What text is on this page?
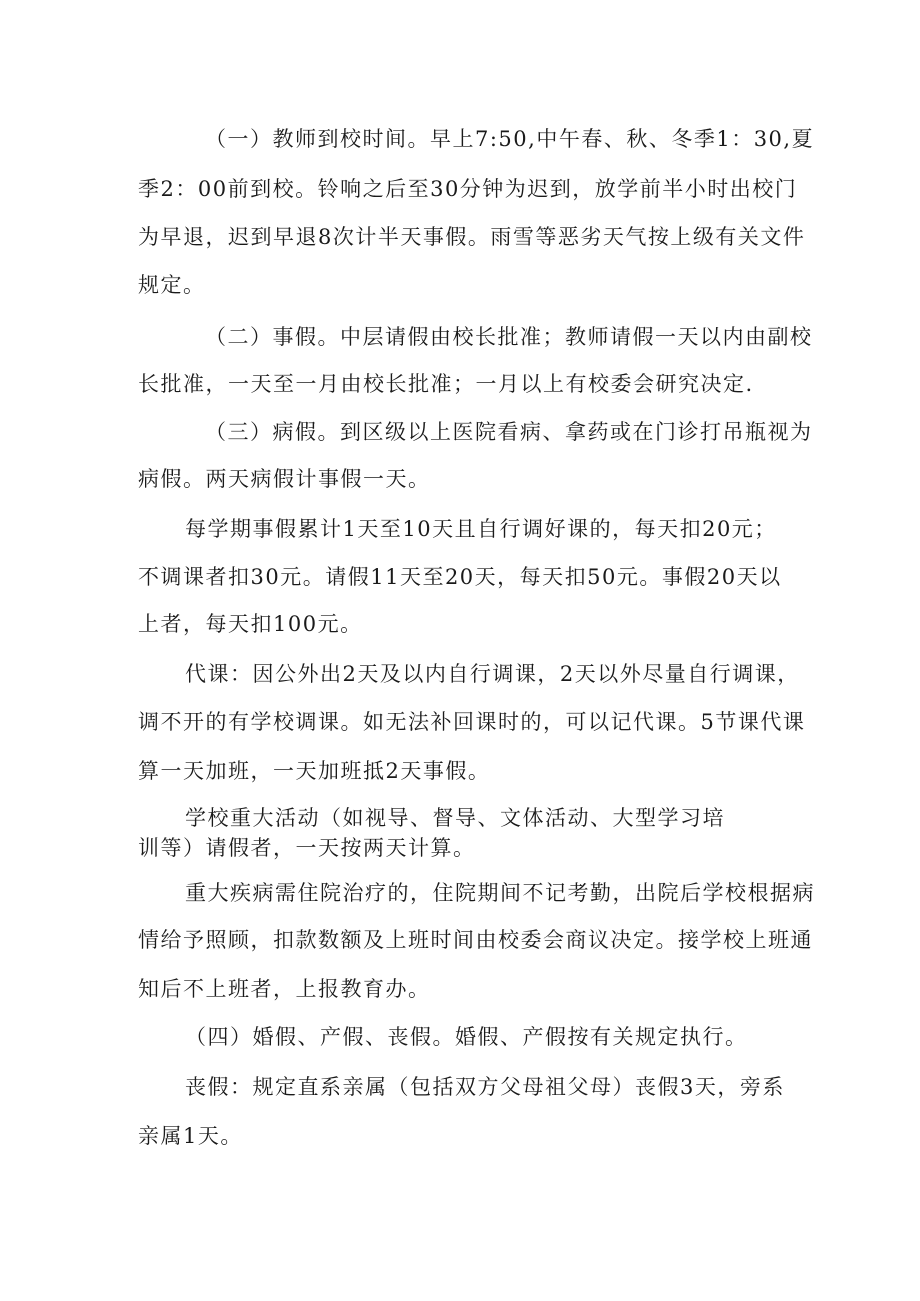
（一）教师到校时间。早上7:50,中午春、秋、冬季1：30,夏
季2：00前到校。铃响之后至30分钟为迟到，放学前半小时出校门
为早退，迟到早退8次计半天事假。雨雪等恶劣天气按上级有关文件
规定。
（二）事假。中层请假由校长批准；教师请假一天以内由副校
长批准，一天至一月由校长批准；一月以上有校委会研究决定.
（三）病假。到区级以上医院看病、拿药或在门诊打吊瓶视为
病假。两天病假计事假一天。
每学期事假累计1天至10天且自行调好课的，每天扣20元；
不调课者扣30元。请假11天至20天，每天扣50元。事假20天以
上者，每天扣100元。
代课：因公外出2天及以内自行调课，2天以外尽量自行调课，
调不开的有学校调课。如无法补回课时的，可以记代课。5节课代课
算一天加班，一天加班抵2天事假。
学校重大活动（如视导、督导、文体活动、大型学习培
训等）请假者，一天按两天计算。
重大疾病需住院治疗的，住院期间不记考勤，出院后学校根据病
情给予照顾，扣款数额及上班时间由校委会商议决定。接学校上班通
知后不上班者，上报教育办。
（四）婚假、产假、丧假。婚假、产假按有关规定执行。
丧假：规定直系亲属（包括双方父母祖父母）丧假3天，旁系
亲属1天。
